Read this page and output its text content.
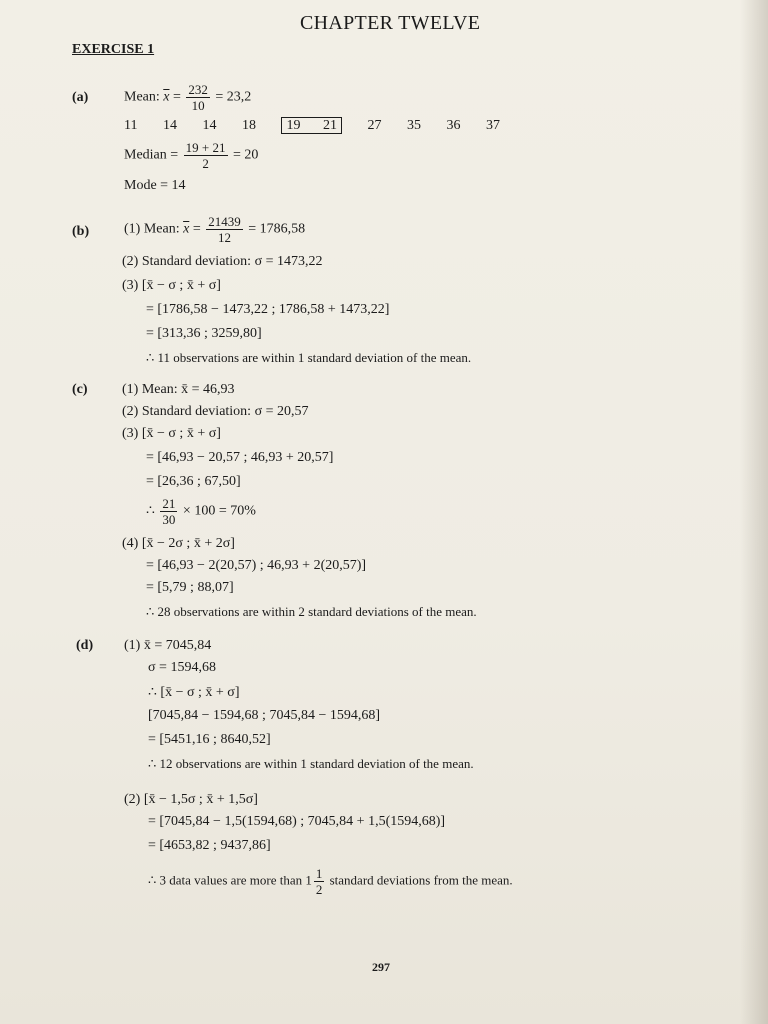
CHAPTER TWELVE
EXERCISE 1
(a)	Mean: $\overline{x} = \frac{232}{10} = 23,2$
11 14 14 18 19 21 27 35 36 37
Median = $\frac{19 + 21}{2} = 20$
Mode = 14
(b) (1) Mean: $\overline{x} = \frac{21439}{12} = 1786,58$
(2) Standard deviation: σ = 1473,22
(3) [x̄ − σ ; x̄ + σ]
= [1786,58 − 1473,22 ; 1786,58 + 1473,22]
= [313,36 ; 3259,80]
∴ 11 observations are within 1 standard deviation of the mean.
(c) (1) Mean: x̄ = 46,93
(2) Standard deviation: σ = 20,57
(3) [x̄ − σ ; x̄ + σ]
= [46,93 − 20,57 ; 46,93 + 20,57]
= [26,36 ; 67,50]
∴ $\frac{21}{30} \times 100 = 70\%$
(4) [x̄ − 2σ ; x̄ + 2σ]
= [46,93 − 2(20,57) ; 46,93 + 2(20,57)]
= [5,79 ; 88,07]
∴ 28 observations are within 2 standard deviations of the mean.
(d) (1) x̄ = 7045,84
σ = 1594,68
∴ [x̄ − σ ; x̄ + σ]
[7045,84 − 1594,68 ; 7045,84 − 1594,68]
= [5451,16 ; 8640,52]
∴ 12 observations are within 1 standard deviation of the mean.
(2) [x̄ − 1,5σ ; x̄ + 1,5σ]
= [7045,84 − 1,5(1594,68) ; 7045,84 + 1,5(1594,68)]
= [4653,82 ; 9437,86]
∴ 3 data values are more than $1 \frac{1}{2}$ standard deviations from the mean.
297
